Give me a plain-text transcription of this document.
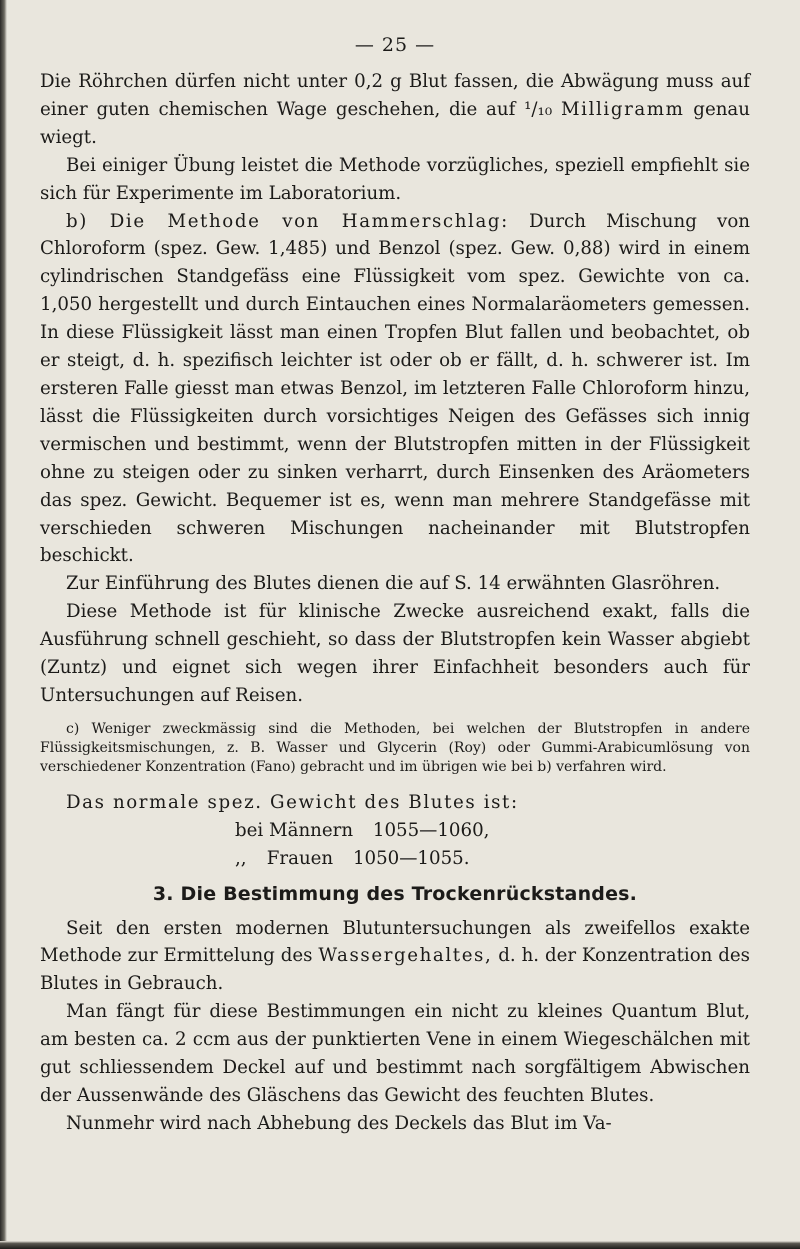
— 25 —

Die Röhrchen dürfen nicht unter 0,2 g Blut fassen, die Abwägung muss auf einer guten chemischen Wage geschehen, die auf ¹/₁₀ Milligramm genau wiegt.

Bei einiger Übung leistet die Methode vorzügliches, speziell empfiehlt sie sich für Experimente im Laboratorium.

b) Die Methode von Hammerschlag: Durch Mischung von Chloroform (spez. Gew. 1,485) und Benzol (spez. Gew. 0,88) wird in einem cylindrischen Standgefäss eine Flüssigkeit vom spez. Gewichte von ca. 1,050 hergestellt und durch Eintauchen eines Normalaräometers gemessen. In diese Flüssigkeit lässt man einen Tropfen Blut fallen und beobachtet, ob er steigt, d. h. spezifisch leichter ist oder ob er fällt, d. h. schwerer ist. Im ersteren Falle giesst man etwas Benzol, im letzteren Falle Chloroform hinzu, lässt die Flüssigkeiten durch vorsichtiges Neigen des Gefässes sich innig vermischen und bestimmt, wenn der Blutstropfen mitten in der Flüssigkeit ohne zu steigen oder zu sinken verharrt, durch Einsenken des Aräometers das spez. Gewicht. Bequemer ist es, wenn man mehrere Standgefässe mit verschieden schweren Mischungen nacheinander mit Blutstropfen beschickt.

Zur Einführung des Blutes dienen die auf S. 14 erwähnten Glasröhren.

Diese Methode ist für klinische Zwecke ausreichend exakt, falls die Ausführung schnell geschieht, so dass der Blutstropfen kein Wasser abgiebt (Zuntz) und eignet sich wegen ihrer Einfachheit besonders auch für Untersuchungen auf Reisen.

c) Weniger zweckmässig sind die Methoden, bei welchen der Blutstropfen in andere Flüssigkeitsmischungen, z. B. Wasser und Glycerin (Roy) oder Gummi-Arabicumlösung von verschiedener Konzentration (Fano) gebracht und im übrigen wie bei b) verfahren wird.

Das normale spez. Gewicht des Blutes ist:

bei Männern 1055—1060,
,, Frauen 1050—1055.
3. Die Bestimmung des Trockenrückstandes.

Seit den ersten modernen Blutuntersuchungen als zweifellos exakte Methode zur Ermittelung des Wassergehaltes, d. h. der Konzentration des Blutes in Gebrauch.

Man fängt für diese Bestimmungen ein nicht zu kleines Quantum Blut, am besten ca. 2 ccm aus der punktierten Vene in einem Wiegeschälchen mit gut schliessendem Deckel auf und bestimmt nach sorgfältigem Abwischen der Aussenwände des Gläschens das Gewicht des feuchten Blutes.

Nunmehr wird nach Abhebung des Deckels das Blut im Va-
